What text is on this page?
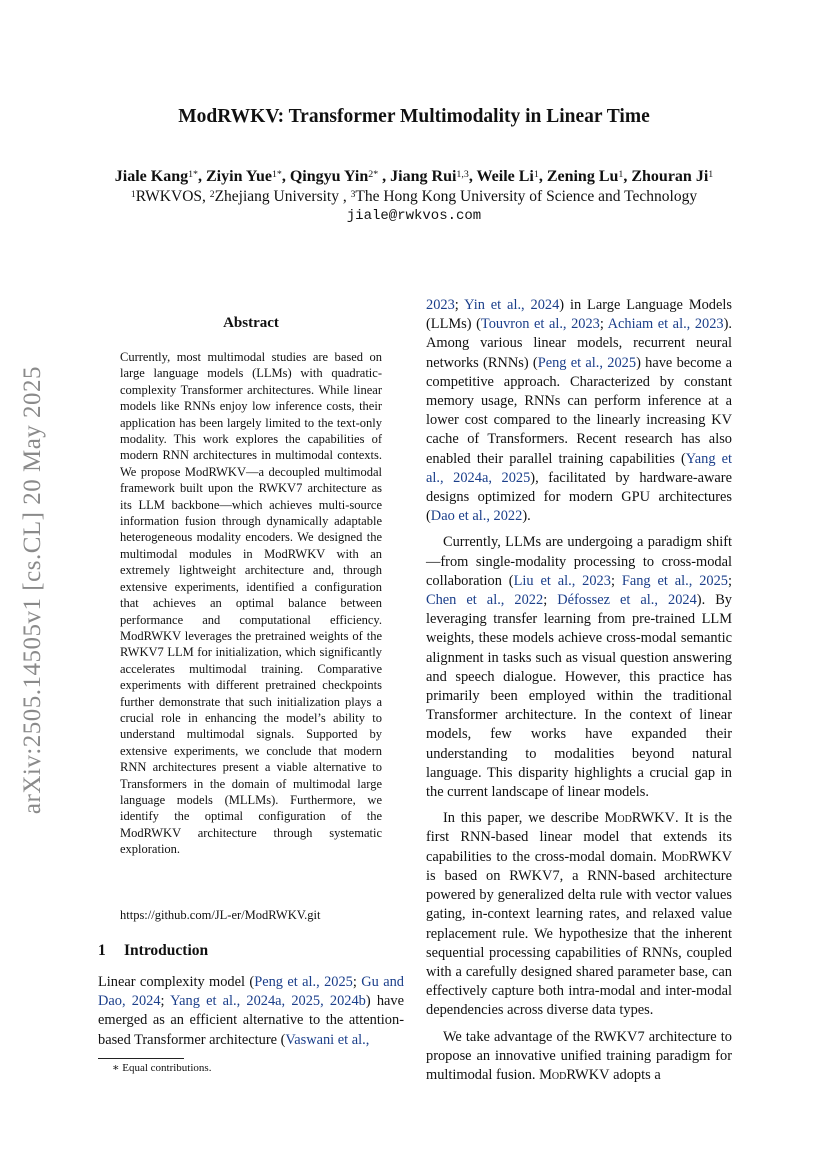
arXiv:2505.14505v1 [cs.CL] 20 May 2025
ModRWKV: Transformer Multimodality in Linear Time
Jiale Kang$^{1*}$, Ziyin Yue$^{1*}$, Qingyu Yin$^{2*}$ , Jiang Rui$^{1,3}$, Weile Li$^1$, Zening Lu$^1$, Zhouran Ji$^1$
$^1$RWKVOS, $^2$Zhejiang University , $^3$The Hong Kong University of Science and Technology
jiale@rwkvos.com
Abstract
Currently, most multimodal studies are based on large language models (LLMs) with quadratic-complexity Transformer architectures. While linear models like RNNs enjoy low inference costs, their application has been largely limited to the text-only modality. This work explores the capabilities of modern RNN architectures in multimodal contexts. We propose ModRWKV—a decoupled multimodal framework built upon the RWKV7 architecture as its LLM backbone—which achieves multi-source information fusion through dynamically adaptable heterogeneous modality encoders. We designed the multimodal modules in ModRWKV with an extremely lightweight architecture and, through extensive experiments, identified a configuration that achieves an optimal balance between performance and computational efficiency. ModRWKV leverages the pretrained weights of the RWKV7 LLM for initialization, which significantly accelerates multimodal training. Comparative experiments with different pretrained checkpoints further demonstrate that such initialization plays a crucial role in enhancing the model’s ability to understand multimodal signals. Supported by extensive experiments, we conclude that modern RNN architectures present a viable alternative to Transformers in the domain of multimodal large language models (MLLMs). Furthermore, we identify the optimal configuration of the ModRWKV architecture through systematic exploration.
https://github.com/JL-er/ModRWKV.git
1 Introduction
Linear complexity model (Peng et al., 2025; Gu and Dao, 2024; Yang et al., 2024a, 2025, 2024b) have emerged as an efficient alternative to the attention-based Transformer architecture (Vaswani et al.,
∗ Equal contributions.

2023; Yin et al., 2024) in Large Language Models (LLMs) (Touvron et al., 2023; Achiam et al., 2023). Among various linear models, recurrent neural networks (RNNs) (Peng et al., 2025) have become a competitive approach. Characterized by constant memory usage, RNNs can perform inference at a lower cost compared to the linearly increasing KV cache of Transformers. Recent research has also enabled their parallel training capabilities (Yang et al., 2024a, 2025), facilitated by hardware-aware designs optimized for modern GPU architectures (Dao et al., 2022).

Currently, LLMs are undergoing a paradigm shift—from single-modality processing to cross-modal collaboration (Liu et al., 2023; Fang et al., 2025; Chen et al., 2022; Défossez et al., 2024). By leveraging transfer learning from pre-trained LLM weights, these models achieve cross-modal semantic alignment in tasks such as visual question answering and speech dialogue. However, this practice has primarily been employed within the traditional Transformer architecture. In the context of linear models, few works have expanded their understanding to modalities beyond natural language. This disparity highlights a crucial gap in the current landscape of linear models.

In this paper, we describe ModRWKV. It is the first RNN-based linear model that extends its capabilities to the cross-modal domain. ModRWKV is based on RWKV7, a RNN-based architecture powered by generalized delta rule with vector values gating, in-context learning rates, and relaxed value replacement rule. We hypothesize that the inherent sequential processing capabilities of RNNs, coupled with a carefully designed shared parameter base, can effectively capture both intra-modal and inter-modal dependencies across diverse data types.

We take advantage of the RWKV7 architecture to propose an innovative unified training paradigm for multimodal fusion. ModRWKV adopts a
